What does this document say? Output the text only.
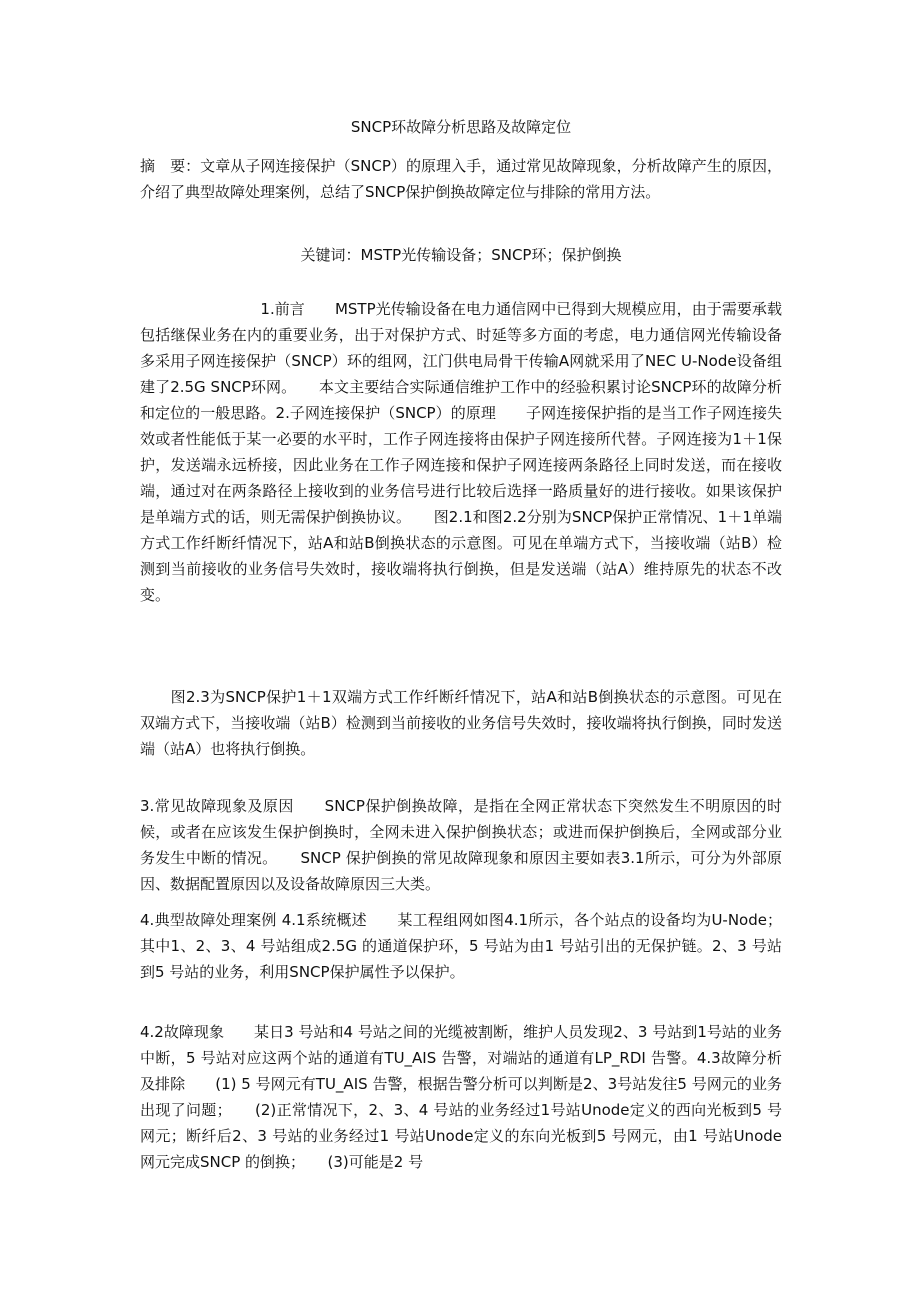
SNCP环故障分析思路及故障定位
摘　要：文章从子网连接保护（SNCP）的原理入手，通过常见故障现象，分析故障产生的原因，介绍了典型故障处理案例，总结了SNCP保护倒换故障定位与排除的常用方法。
关键词：MSTP光传输设备；SNCP环；保护倒换
　　　　　　　　1.前言　　MSTP光传输设备在电力通信网中已得到大规模应用，由于需要承载包括继保业务在内的重要业务，出于对保护方式、时延等多方面的考虑，电力通信网光传输设备多采用子网连接保护（SNCP）环的组网，江门供电局骨干传输A网就采用了NEC U-Node设备组建了2.5G SNCP环网。　　本文主要结合实际通信维护工作中的经验积累讨论SNCP环的故障分析和定位的一般思路。2.子网连接保护（SNCP）的原理　　子网连接保护指的是当工作子网连接失效或者性能低于某一必要的水平时，工作子网连接将由保护子网连接所代替。子网连接为1＋1保护，发送端永远桥接，因此业务在工作子网连接和保护子网连接两条路径上同时发送，而在接收端，通过对在两条路径上接收到的业务信号进行比较后选择一路质量好的进行接收。如果该保护是单端方式的话，则无需保护倒换协议。　　图2.1和图2.2分别为SNCP保护正常情况、1＋1单端方式工作纤断纤情况下，站A和站B倒换状态的示意图。可见在单端方式下，当接收端（站B）检测到当前接收的业务信号失效时，接收端将执行倒换，但是发送端（站A）维持原先的状态不改变。
　　图2.3为SNCP保护1＋1双端方式工作纤断纤情况下，站A和站B倒换状态的示意图。可见在双端方式下，当接收端（站B）检测到当前接收的业务信号失效时，接收端将执行倒换，同时发送端（站A）也将执行倒换。
3.常见故障现象及原因　　SNCP保护倒换故障，是指在全网正常状态下突然发生不明原因的时候，或者在应该发生保护倒换时，全网未进入保护倒换状态；或进而保护倒换后，全网或部分业务发生中断的情况。　　SNCP 保护倒换的常见故障现象和原因主要如表3.1所示，可分为外部原因、数据配置原因以及设备故障原因三大类。
4.典型故障处理案例 4.1系统概述　　某工程组网如图4.1所示，各个站点的设备均为U-Node；其中1、2、3、4 号站组成2.5G 的通道保护环，5 号站为由1 号站引出的无保护链。2、3 号站到5 号站的业务，利用SNCP保护属性予以保护。
4.2故障现象　　某日3 号站和4 号站之间的光缆被割断，维护人员发现2、3 号站到1号站的业务中断，5 号站对应这两个站的通道有TU_AIS 告警，对端站的通道有LP_RDI 告警。4.3故障分析及排除　　(1) 5 号网元有TU_AIS 告警，根据告警分析可以判断是2、3号站发往5 号网元的业务出现了问题；　　(2)正常情况下，2、3、4 号站的业务经过1号站Unode定义的西向光板到5 号网元；断纤后2、3 号站的业务经过1 号站Unode定义的东向光板到5 号网元，由1 号站Unode网元完成SNCP 的倒换；　　(3)可能是2 号
